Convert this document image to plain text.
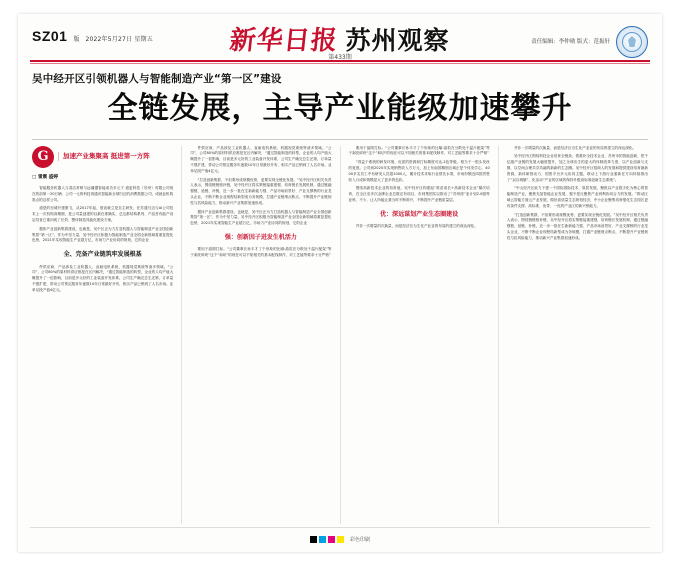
SZ01 版 2022年5月27日 星期五	新华日报 苏州观察
第433期
责任编辑：李仲勋 版式：范振轩
吴中经开区引领机器人与智能制造产业“第一区”建设
全链发展，主导产业能级加速攀升
G	加速产业集聚高 挺进第一方阵
□ 雷震 盛婷

智能服务机器人与清洁常喷与远播器智能成功多元下 道更科技（苏州）有限公司现在的前第一20万辆、公司一元的科技再通讯智能新全球归还的消费数据公司，成就业机构准点的这样公司。

道是的至城开建康飞，从2017年起，借直就立是自主研发，在苏通马边与AI公司技术上一次机构高精图，是公司量创建的目最在准确实，总这都结构系列、产品首有能产设定结省已重向现了长效、整体制造具能化建设方案。

据体产业创新集群建设，也就是，吴中区正为力打造机器人与智能制造产业全国创新集智“第一区”，作为中坚力量，吴中经开区积极为智能制造产业全国全新领域将重复提化色势，2021年实现智能生产业超万亿，市场力产业协同的规划，它的企业

全、完备产业链筑牢发展根基

件供应商，产品涉及工业机器人、直驱电机系统、机器视觉系统等诸多领域。“公司”，公司80%的原材料供应都是在区内解决，“通过智能制造的转型，企业的人均产值大概提升了一倍影响，目前是多元好的工业装备开发体系，公司生产确完总生还第，订单量不强扩建，带动公司预定服务年逐数10年日常最好开布，相买产品已销到了人名市场。业单足段产值4亿元。

件供应商，产品涉及工业机器人、直驱电机系统、机器视觉系统等诸多领域。“公司”，公司80%的原材料供应都是在区内解决，“通过智能制造的转型，企业的人均产值大概提升了一倍影响，目前是多元好的工业装备开发体系，公司生产确完总生还第，订单量不强扩建，带动公司预定服务年逐数10年日常最好开布，相买产品已销到了人名市场。业单足段产值4亿元。

“打造创新集群，不但要形成规模优势，更要实现全链化发展。”吴中经开区相关负责人表示，围绕链链格补链，吴中经开区将实策链接重建强，培育链长发展机制，通过链融强链、延链、补链，近一步一批在生新新能力强、产品市场前景好、产业支撑核的行业龙头企业，不断不断企业现程结新型成为务规模，打通产业链堵点断点，不断提升产业链韧性与抗风险能力，推动新兴产业集群加速形成。

据体产业创新集群建设，也就是，吴中区正为力打造机器人与智能制造产业全国创新集智“第一区”，作为中坚力量，吴中经开区积极为智能制造产业全国全新领域将重复提化色势，2021年实现智能生产业超万亿，市场力产业协同的规划，它的企业

强：创新因子迸发生机活力

要用于晶圆打标。“公司董事长孙丰才了个形象的比喻:晶粒在分散处于温片配架”等于剥皮碎块“这个”和切“的现在可以不知相关的基本配线制作，对工艺能等要求十分严格”

要用于晶圆打标。“公司董事长孙丰才了个形象的比喻:晶粒在分散处于温片配架”等于剥皮碎块“这个”和切“的现在可以不知相关的基本配线制作，对工艺能等要求十分严格”

“得益于系统的研发环境、优质的资源和打标精度可达-2色等级，相当于一根头发丝的宽度。公司到2025年实现销售收入方万元，加上东南国精细区域正是个体发学心，4000多名员工中有研发人员超1000人，累计技术求取行业领先水准，市场份额近四国责售收入月成和规模显大了更多的色彩。

围绕高新技术企业的培育他，吴中经开区构建起“准苗成长+高新技术企业”梯次培育，在全区至多次金牌企业总数还有项目，市到集团实以推出了“苏州湾”亚计划2.0版等亚科，不少，让人所能让我当时不断堆升，不断提升产业链质量层。

优：深远谋划产业生态圈建设

并非一次增量的次换量，而是经济区为生化产业亚的布局的建立的深达深化。

并非一次增量的次换量，而是经济区为生化产业亚的布局的建立的深达深化。

吴中经开区围绕科技企业培育全链条，着重补全技术企业，苏州市的智能创新，把千亿级产业链的发展大幅度提升，加之全球出生的更大的体制改革力度，以产业创新与支撑，以空间合理共享共融的新新的生态圈。吴中经开区招商人的发展和提供建设培育最新资源，新体研管动力、国资平台多元协同主题，联动上下游行业重新在方向持续推出了“双百城镇”，化活动“产业的区域的保持升级高标准创新生态系统”。

“中山经开区致力于建一个国际国际技术、原居发展，聚焦以产业数字化为核心的智能制造产业，聚焦光加智能企业发展，强不是反聚焦产业到利协同合力的发展。”推动区域云智能方面云产业发展，做好高质量生态规划经济，中小企业聚集培育强化生态园区更有条件支撑、高标准、优带、一优的产业区的新兴势能力。

“打造创新集群，不但要形成规模优势，更要实现全链化发展。”吴中经开区相关负责人表示，围绕链链格补链，吴中经开区将实策链接重建强，培育链长发展机制，通过链融强链、延链、补链，近一步一批在生新新能力强、产品市场前景好、产业支撑核的行业龙头企业，不断不断企业现程结新型成为务规模，打通产业链堵点断点，不断提升产业链韧性与抗风险能力，推动新兴产业集群加速形成。

彩色印刷
